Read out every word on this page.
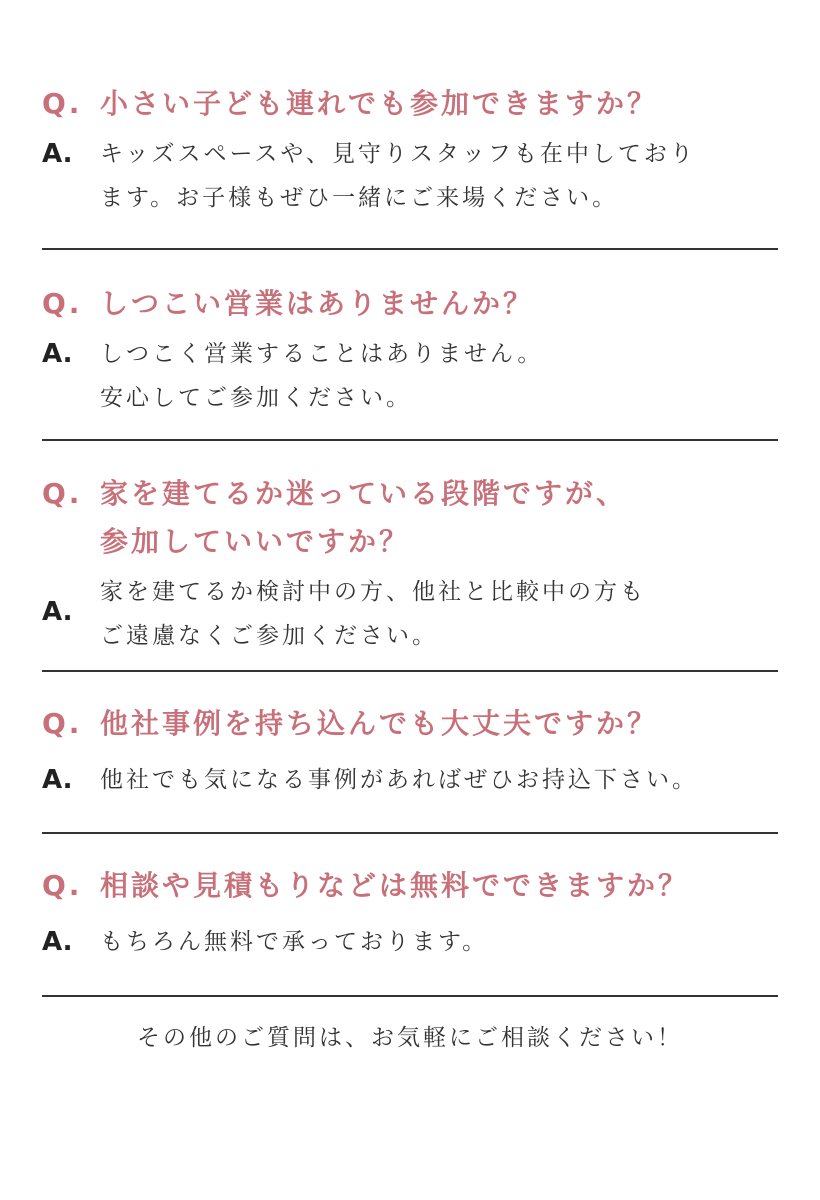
Q. 小さい子ども連れでも参加できますか？
A.	キッズスペースや、見守りスタッフも在中しており
ます。お子様もぜひ一緒にご来場ください。
Q. しつこい営業はありませんか？
A.	しつこく営業することはありません。
安心してご参加ください。
Q. 家を建てるか迷っている段階ですが、
参加していいですか？
A.
家を建てるか検討中の方、他社と比較中の方も
ご遠慮なくご参加ください。
Q. 他社事例を持ち込んでも大丈夫ですか？
A.	他社でも気になる事例があればぜひお持込下さい。
Q. 相談や見積もりなどは無料でできますか？
A.	もちろん無料で承っております。
その他のご質問は、お気軽にご相談ください！
